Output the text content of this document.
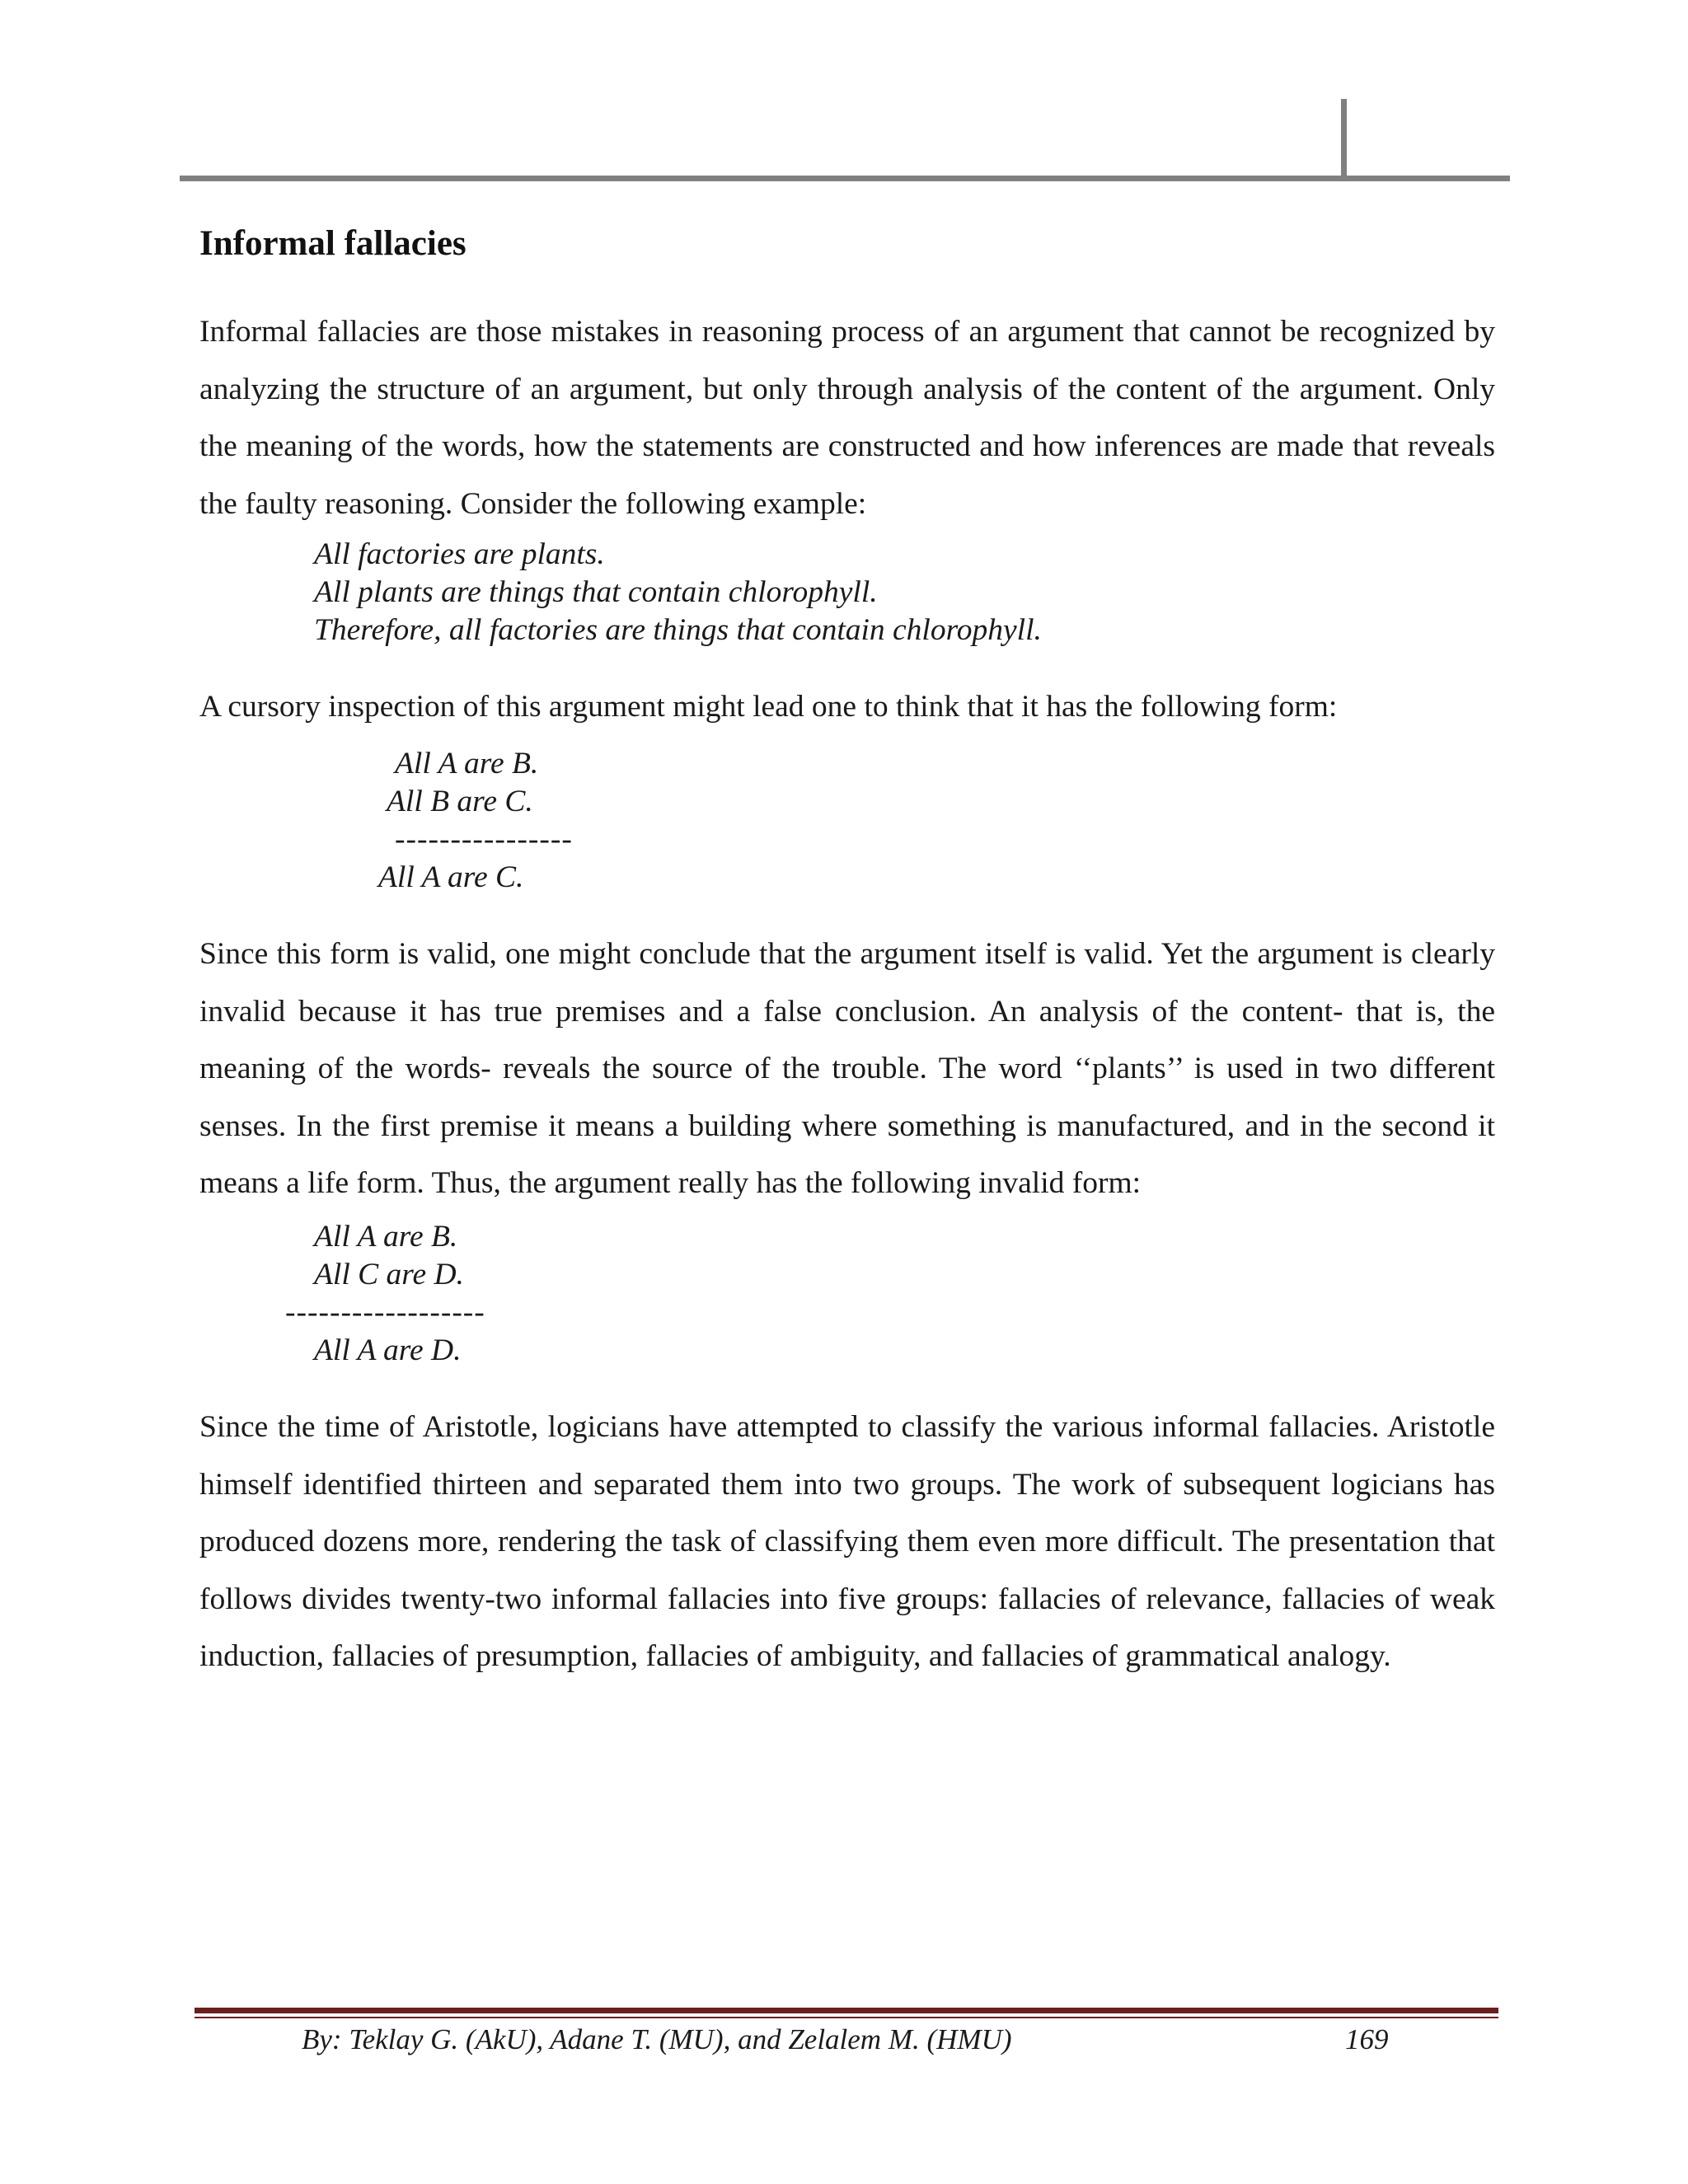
Informal fallacies

Informal fallacies are those mistakes in reasoning process of an argument that cannot be recognized by analyzing the structure of an argument, but only through analysis of the content of the argument. Only the meaning of the words, how the statements are constructed and how inferences are made that reveals the faulty reasoning. Consider the following example:

All factories are plants.

All plants are things that contain chlorophyll.

Therefore, all factories are things that contain chlorophyll.

A cursory inspection of this argument might lead one to think that it has the following form:

All A are B.

All B are C.

----------------

All A are C.

Since this form is valid, one might conclude that the argument itself is valid. Yet the argument is clearly invalid because it has true premises and a false conclusion. An analysis of the content- that is, the meaning of the words- reveals the source of the trouble. The word ‘‘plants’’ is used in two different senses. In the first premise it means a building where something is manufactured, and in the second it means a life form. Thus, the argument really has the following invalid form:

All A are B.

All C are D.

------------------

All A are D.

Since the time of Aristotle, logicians have attempted to classify the various informal fallacies. Aristotle himself identified thirteen and separated them into two groups. The work of subsequent logicians has produced dozens more, rendering the task of classifying them even more difficult. The presentation that follows divides twenty-two informal fallacies into five groups: fallacies of relevance, fallacies of weak induction, fallacies of presumption, fallacies of ambiguity, and fallacies of grammatical analogy.

By: Teklay G. (AkU), Adane T. (MU), and Zelalem M. (HMU)	169
